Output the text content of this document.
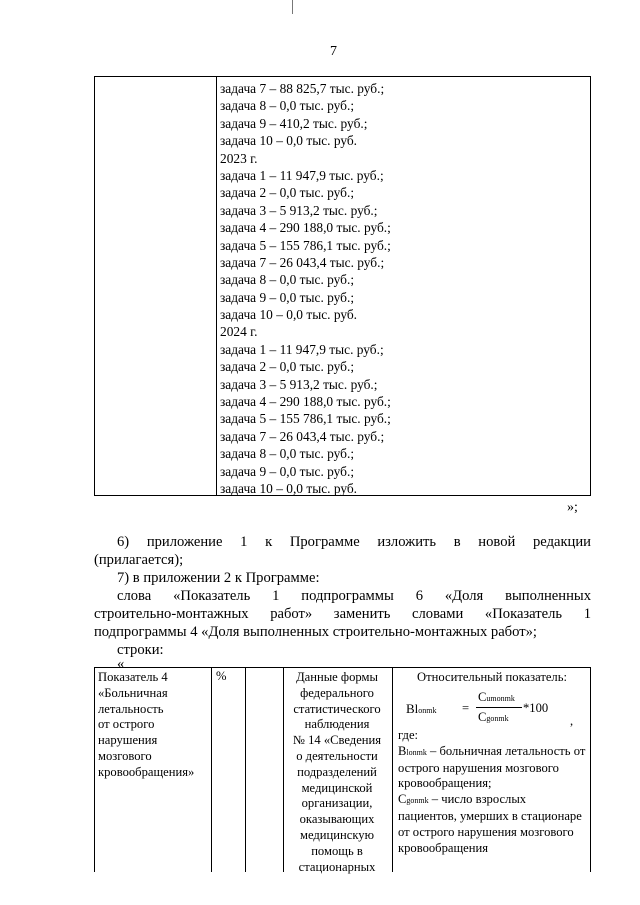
7
задача 7 – 88 825,7 тыс. руб.;
задача 8 – 0,0 тыс. руб.;
задача 9 – 410,2 тыс. руб.;
задача 10 – 0,0 тыс. руб.
2023 г.
задача 1 – 11 947,9 тыс. руб.;
задача 2 – 0,0 тыс. руб.;
задача 3 – 5 913,2 тыс. руб.;
задача 4 – 290 188,0 тыс. руб.;
задача 5 – 155 786,1 тыс. руб.;
задача 7 – 26 043,4 тыс. руб.;
задача 8 – 0,0 тыс. руб.;
задача 9 – 0,0 тыс. руб.;
задача 10 – 0,0 тыс. руб.
2024 г.
задача 1 – 11 947,9 тыс. руб.;
задача 2 – 0,0 тыс. руб.;
задача 3 – 5 913,2 тыс. руб.;
задача 4 – 290 188,0 тыс. руб.;
задача 5 – 155 786,1 тыс. руб.;
задача 7 – 26 043,4 тыс. руб.;
задача 8 – 0,0 тыс. руб.;
задача 9 – 0,0 тыс. руб.;
задача 10 – 0,0 тыс. руб.
»;
6) приложение 1 к Программе изложить в новой редакции
(прилагается);
7) в приложении 2 к Программе:
слова «Показатель 1 подпрограммы 6 «Доля выполненных
строительно-монтажных работ» заменить словами «Показатель 1
подпрограммы 4 «Доля выполненных строительно-монтажных работ»;
строки:
«
Показатель 4
«Больничная
летальность
от острого
нарушения
мозгового
кровообращения»
%	Данные формы
федерального
статистического
наблюдения
№ 14 «Сведения
о деятельности
подразделений
медицинской
организации,
оказывающих
медицинскую
помощь в
стационарных
Относительный показатель:
Blonmk =
Cumonmk
Cgonmk
*100
,
где:
Blonmk – больничная летальность от острого нарушения мозгового кровообращения;
Cgonmk – число взрослых пациентов, умерших в стационаре от острого нарушения мозгового кровообращения
